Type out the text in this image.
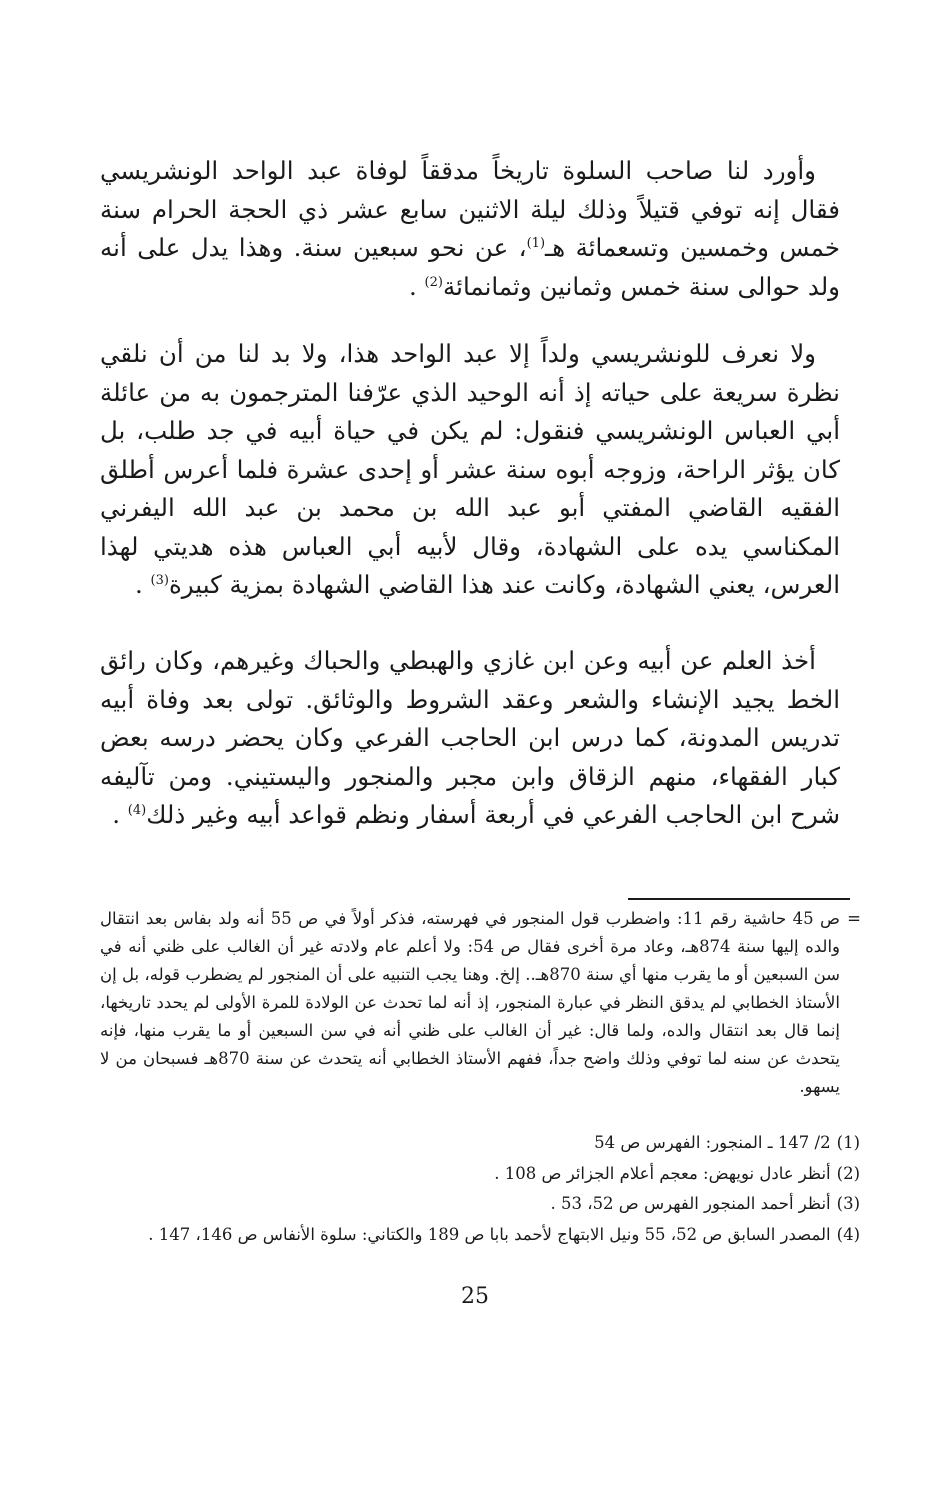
وأورد لنا صاحب السلوة تاريخاً مدققاً لوفاة عبد الواحد الونشريسي فقال إنه توفي قتيلاً وذلك ليلة الاثنين سابع عشر ذي الحجة الحرام سنة خمس وخمسين وتسعمائة هـ$^{(1)}$، عن نحو سبعين سنة. وهذا يدل على أنه ولد حوالى سنة خمس وثمانين وثمانمائة$^{(2)}$ .

ولا نعرف للونشريسي ولداً إلا عبد الواحد هذا، ولا بد لنا من أن نلقي نظرة سريعة على حياته إذ أنه الوحيد الذي عرّفنا المترجمون به من عائلة أبي العباس الونشريسي فنقول: لم يكن في حياة أبيه في جد طلب، بل كان يؤثر الراحة، وزوجه أبوه سنة عشر أو إحدى عشرة فلما أعرس أطلق الفقيه القاضي المفتي أبو عبد الله بن محمد بن عبد الله اليفرني المكناسي يده على الشهادة، وقال لأبيه أبي العباس هذه هديتي لهذا العرس، يعني الشهادة، وكانت عند هذا القاضي الشهادة بمزية كبيرة$^{(3)}$ .

أخذ العلم عن أبيه وعن ابن غازي والهبطي والحباك وغيرهم، وكان رائق الخط يجيد الإنشاء والشعر وعقد الشروط والوثائق. تولى بعد وفاة أبيه تدريس المدونة، كما درس ابن الحاجب الفرعي وكان يحضر درسه بعض كبار الفقهاء، منهم الزقاق وابن مجبر والمنجور واليستيني. ومن تآليفه شرح ابن الحاجب الفرعي في أربعة أسفار ونظم قواعد أبيه وغير ذلك$^{(4)}$ .

=

ص 45 حاشية رقم 11: واضطرب قول المنجور في فهرسته، فذكر أولاً في ص 55 أنه ولد بفاس بعد انتقال والده إليها سنة 874هـ، وعاد مرة أخرى فقال ص 54: ولا أعلم عام ولادته غير أن الغالب على ظني أنه في سن السبعين أو ما يقرب منها أي سنة 870هـ.. إلخ. وهنا يجب التنبيه على أن المنجور لم يضطرب قوله، بل إن الأستاذ الخطابي لم يدقق النظر في عبارة المنجور، إذ أنه لما تحدث عن الولادة للمرة الأولى لم يحدد تاريخها، إنما قال بعد انتقال والده، ولما قال: غير أن الغالب على ظني أنه في سن السبعين أو ما يقرب منها، فإنه يتحدث عن سنه لما توفي وذلك واضح جداً، ففهم الأستاذ الخطابي أنه يتحدث عن سنة 870هـ فسبحان من لا يسهو.

(1)2/ 147 ـ المنجور: الفهرس ص 54
(2)أنظر عادل نويهض: معجم أعلام الجزائر ص 108 .
(3)أنظر أحمد المنجور الفهرس ص 52، 53 .
(4)المصدر السابق ص 52، 55 ونيل الابتهاج لأحمد بابا ص 189 والكتاني: سلوة الأنفاس ص 146، 147 .
25
